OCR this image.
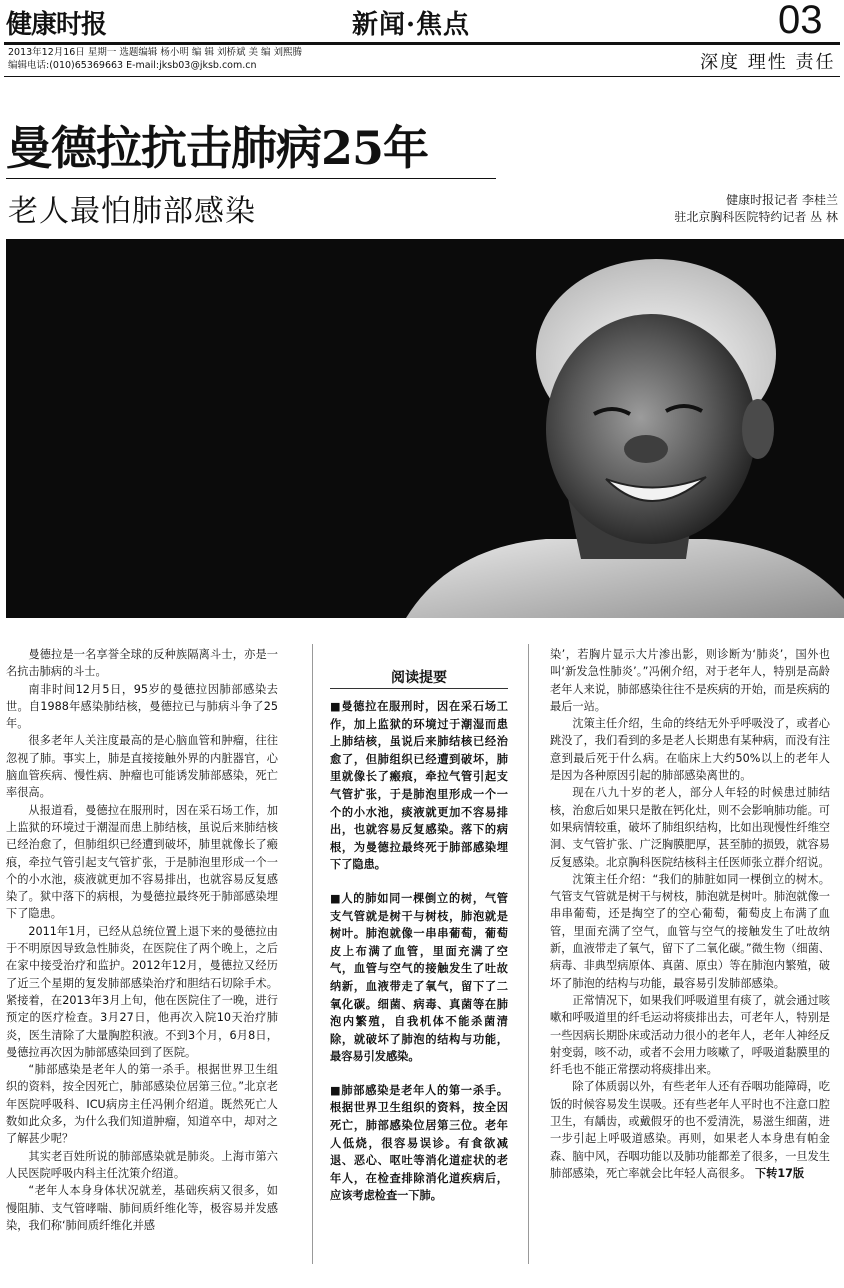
健康时报	新闻·焦点	03
2013年12月16日 星期一 选题编辑 杨小明 编 辑 刘桥斌 美 编 刘熙腾
编辑电话:(010)65369663 E-mail:jksb03@jksb.com.cn	深度 理性 责任
曼德拉抗击肺病25年
老人最怕肺部感染	健康时报记者 李桂兰
驻北京胸科医院特约记者 丛 林

曼德拉是一名享誉全球的反种族隔离斗士，亦是一名抗击肺病的斗士。

南非时间12月5日，95岁的曼德拉因肺部感染去世。自1988年感染肺结核，曼德拉已与肺病斗争了25年。

很多老年人关注度最高的是心脑血管和肿瘤，往往忽视了肺。事实上，肺是直接接触外界的内脏器官，心脑血管疾病、慢性病、肿瘤也可能诱发肺部感染，死亡率很高。

从报道看，曼德拉在服刑时，因在采石场工作，加上监狱的环境过于潮湿而患上肺结核，虽说后来肺结核已经治愈了，但肺组织已经遭到破坏，肺里就像长了瘢痕，牵拉气管引起支气管扩张，于是肺泡里形成一个一个的小水池，痰液就更加不容易排出，也就容易反复感染了。狱中落下的病根，为曼德拉最终死于肺部感染埋下了隐患。

2011年1月，已经从总统位置上退下来的曼德拉由于不明原因导致急性肺炎，在医院住了两个晚上，之后在家中接受治疗和监护。2012年12月，曼德拉又经历了近三个星期的复发肺部感染治疗和胆结石切除手术。紧接着，在2013年3月上旬，他在医院住了一晚，进行预定的医疗检查。3月27日，他再次入院10天治疗肺炎，医生清除了大量胸腔积液。不到3个月，6月8日，曼德拉再次因为肺部感染回到了医院。

“肺部感染是老年人的第一杀手。根据世界卫生组织的资料，按全因死亡，肺部感染位居第三位。”北京老年医院呼吸科、ICU病房主任冯俐介绍道。既然死亡人数如此众多，为什么我们知道肿瘤，知道卒中，却对之了解甚少呢？

其实老百姓所说的肺部感染就是肺炎。上海市第六人民医院呼吸内科主任沈策介绍道。

“老年人本身身体状况就差，基础疾病又很多，如慢阻肺、支气管哮喘、肺间质纤维化等，极容易并发感染，我们称‘肺间质纤维化并感

阅读提要

■曼德拉在服刑时，因在采石场工作，加上监狱的环境过于潮湿而患上肺结核，虽说后来肺结核已经治愈了，但肺组织已经遭到破坏，肺里就像长了瘢痕，牵拉气管引起支气管扩张，于是肺泡里形成一个一个的小水池，痰液就更加不容易排出，也就容易反复感染。落下的病根，为曼德拉最终死于肺部感染埋下了隐患。

■人的肺如同一棵倒立的树，气管支气管就是树干与树枝，肺泡就是树叶。肺泡就像一串串葡萄，葡萄皮上布满了血管，里面充满了空气，血管与空气的接触发生了吐故纳新，血液带走了氧气，留下了二氧化碳。细菌、病毒、真菌等在肺泡内繁殖，自我机体不能杀菌清除，就破坏了肺泡的结构与功能，最容易引发感染。

■肺部感染是老年人的第一杀手。根据世界卫生组织的资料，按全因死亡，肺部感染位居第三位。老年人低烧，很容易误诊。有食欲减退、恶心、呕吐等消化道症状的老年人，在检查排除消化道疾病后，应该考虑检查一下肺。

染’，若胸片显示大片渗出影，则诊断为‘肺炎’，国外也叫‘新发急性肺炎’。”冯俐介绍，对于老年人，特别是高龄老年人来说，肺部感染往往不是疾病的开始，而是疾病的最后一站。

沈策主任介绍，生命的终结无外乎呼吸没了，或者心跳没了，我们看到的多是老人长期患有某种病，而没有注意到最后死于什么病。在临床上大约50%以上的老年人是因为各种原因引起的肺部感染离世的。

现在八九十岁的老人，部分人年轻的时候患过肺结核，治愈后如果只是散在钙化灶，则不会影响肺功能。可如果病情较重，破坏了肺组织结构，比如出现慢性纤维空洞、支气管扩张、广泛胸膜肥厚，甚至肺的损毁，就容易反复感染。北京胸科医院结核科主任医师张立群介绍说。

沈策主任介绍：“我们的肺脏如同一棵倒立的树木。气管支气管就是树干与树枝，肺泡就是树叶。肺泡就像一串串葡萄，还是掏空了的空心葡萄，葡萄皮上布满了血管，里面充满了空气，血管与空气的接触发生了吐故纳新，血液带走了氧气，留下了二氧化碳。”微生物（细菌、病毒、非典型病原体、真菌、原虫）等在肺泡内繁殖，破坏了肺泡的结构与功能，最容易引发肺部感染。

正常情况下，如果我们呼吸道里有痰了，就会通过咳嗽和呼吸道里的纤毛运动将痰排出去，可老年人，特别是一些因病长期卧床或活动力很小的老年人，老年人神经反射变弱，咳不动，或者不会用力咳嗽了，呼吸道黏膜里的纤毛也不能正常摆动将痰排出来。

除了体质弱以外，有些老年人还有吞咽功能障碍，吃饭的时候容易发生误吸。还有些老年人平时也不注意口腔卫生，有龋齿，或戴假牙的也不爱清洗，易滋生细菌，进一步引起上呼吸道感染。再则，如果老人本身患有帕金森、脑中风，吞咽功能以及肺功能都差了很多，一旦发生肺部感染，死亡率就会比年轻人高很多。 下转17版
